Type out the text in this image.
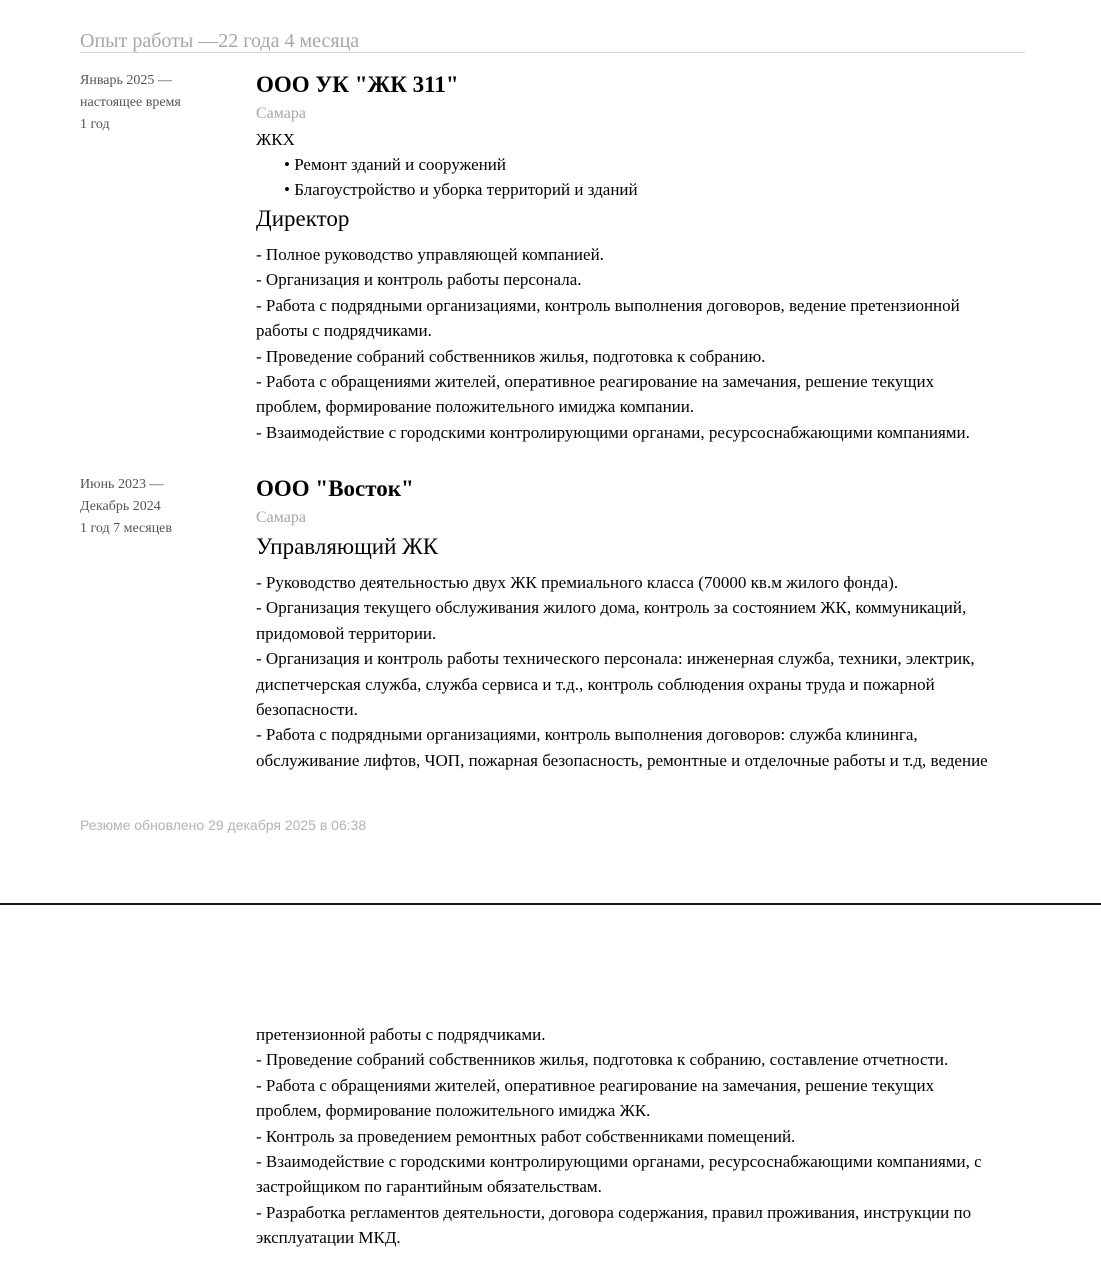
Опыт работы —22 года 4 месяца
Январь 2025 —
настоящее время
1 год
ООО УК "ЖК 311"
Самара
ЖКХ
• Ремонт зданий и сооружений
• Благоустройство и уборка территорий и зданий
Директор
- Полное руководство управляющей компанией.
- Организация и контроль работы персонала.
- Работа с подрядными организациями, контроль выполнения договоров, ведение претензионной
работы с подрядчиками.
- Проведение собраний собственников жилья, подготовка к собранию.
- Работа с обращениями жителей, оперативное реагирование на замечания, решение текущих
проблем, формирование положительного имиджа компании.
- Взаимодействие с городскими контролирующими органами, ресурсоснабжающими компаниями.
Июнь 2023 —
Декабрь 2024
1 год 7 месяцев
ООО "Восток"
Самара
Управляющий ЖК
- Руководство деятельностью двух ЖК премиального класса (70000 кв.м жилого фонда).
- Организация текущего обслуживания жилого дома, контроль за состоянием ЖК, коммуникаций,
придомовой территории.
- Организация и контроль работы технического персонала: инженерная служба, техники, электрик,
диспетчерская служба, служба сервиса и т.д., контроль соблюдения охраны труда и пожарной
безопасности.
- Работа с подрядными организациями, контроль выполнения договоров: служба клининга,
обслуживание лифтов, ЧОП, пожарная безопасность, ремонтные и отделочные работы и т.д, ведение
Резюме обновлено 29 декабря 2025 в 06:38
претензионной работы с подрядчиками.
- Проведение собраний собственников жилья, подготовка к собранию, составление отчетности.
- Работа с обращениями жителей, оперативное реагирование на замечания, решение текущих
проблем, формирование положительного имиджа ЖК.
- Контроль за проведением ремонтных работ собственниками помещений.
- Взаимодействие с городскими контролирующими органами, ресурсоснабжающими компаниями, с
застройщиком по гарантийным обязательствам.
- Разработка регламентов деятельности, договора содержания, правил проживания, инструкции по
эксплуатации МКД.
